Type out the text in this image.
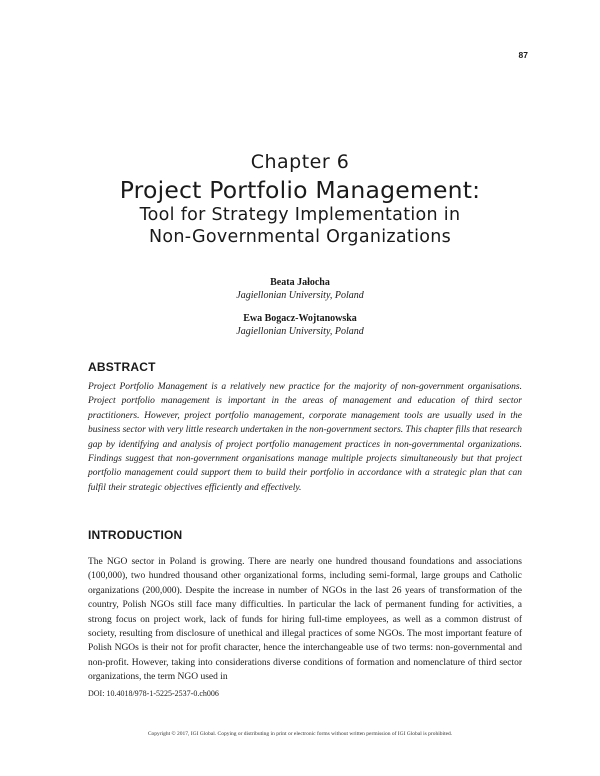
87
Chapter 6
Project Portfolio Management:
Tool for Strategy Implementation in
Non-Governmental Organizations
Beata Jałocha
Jagiellonian University, Poland
Ewa Bogacz-Wojtanowska
Jagiellonian University, Poland
ABSTRACT

Project Portfolio Management is a relatively new practice for the majority of non-government organisations. Project portfolio management is important in the areas of management and education of third sector practitioners. However, project portfolio management, corporate management tools are usually used in the business sector with very little research undertaken in the non-government sectors. This chapter fills that research gap by identifying and analysis of project portfolio management practices in non-governmental organizations. Findings suggest that non-government organisations manage multiple projects simultaneously but that project portfolio management could support them to build their portfolio in accordance with a strategic plan that can fulfil their strategic objectives efficiently and effectively.

INTRODUCTION

The NGO sector in Poland is growing. There are nearly one hundred thousand foundations and associations (100,000), two hundred thousand other organizational forms, including semi-formal, large groups and Catholic organizations (200,000). Despite the increase in number of NGOs in the last 26 years of transformation of the country, Polish NGOs still face many difficulties. In particular the lack of permanent funding for activities, a strong focus on project work, lack of funds for hiring full-time employees, as well as a common distrust of society, resulting from disclosure of unethical and illegal practices of some NGOs. The most important feature of Polish NGOs is their not for profit character, hence the interchangeable use of two terms: non-governmental and non-profit. However, taking into considerations diverse conditions of formation and nomenclature of third sector organizations, the term NGO used in

DOI: 10.4018/978-1-5225-2537-0.ch006
Copyright © 2017, IGI Global. Copying or distributing in print or electronic forms without written permission of IGI Global is prohibited.
